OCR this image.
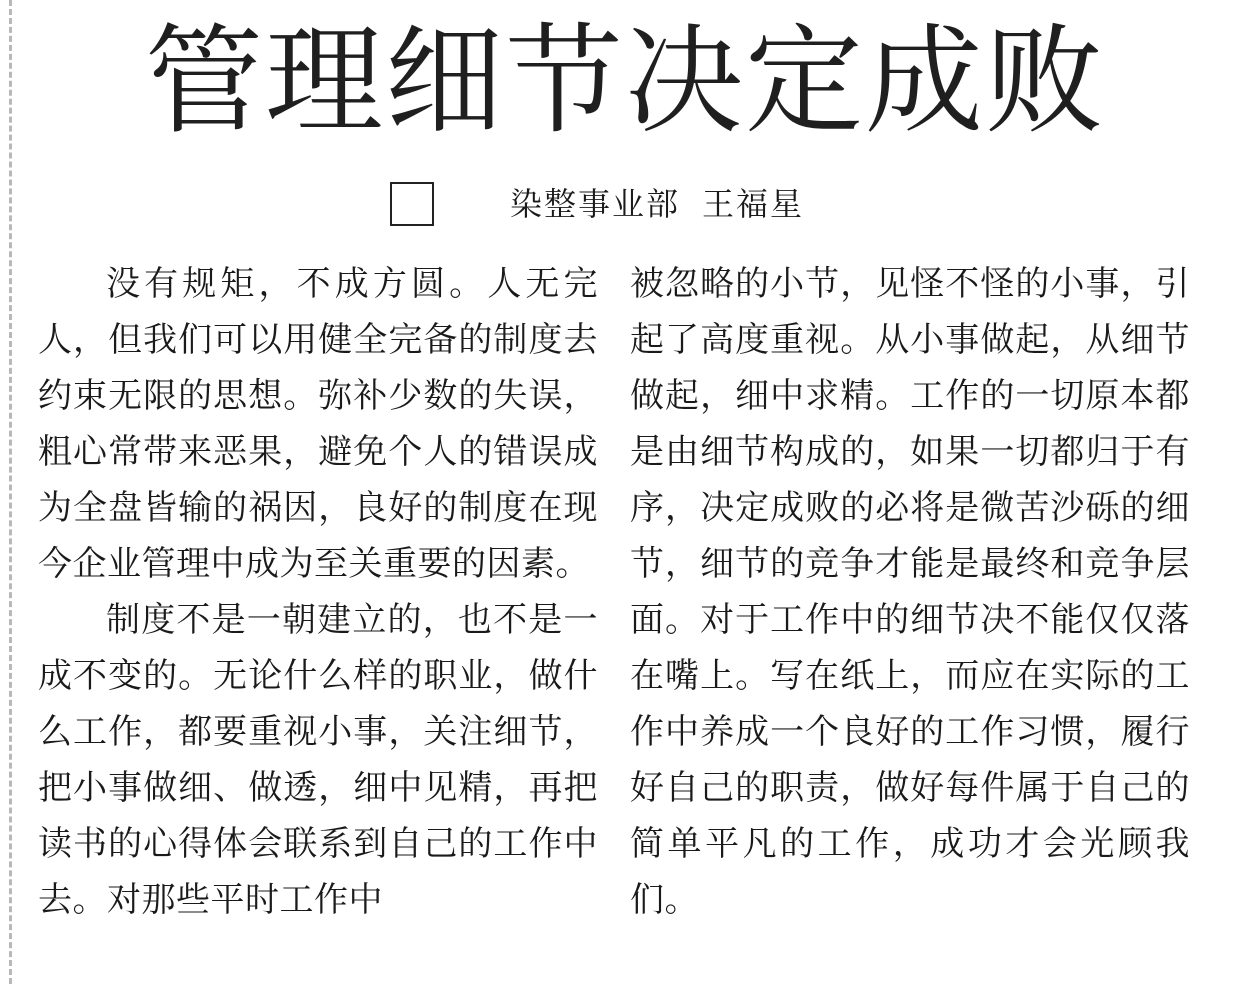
管理细节决定成败
染整事业部 王福星

没有规矩，不成方圆。人无完人，但我们可以用健全完备的制度去约束无限的思想。弥补少数的失误，粗心常带来恶果，避免个人的错误成为全盘皆输的祸因，良好的制度在现今企业管理中成为至关重要的因素。

制度不是一朝建立的，也不是一成不变的。无论什么样的职业，做什么工作，都要重视小事，关注细节，把小事做细、做透，细中见精，再把读书的心得体会联系到自己的工作中去。对那些平时工作中

被忽略的小节，见怪不怪的小事，引起了高度重视。从小事做起，从细节做起，细中求精。工作的一切原本都是由细节构成的，如果一切都归于有序，决定成败的必将是微苦沙砾的细节，细节的竞争才能是最终和竞争层面。对于工作中的细节决不能仅仅落在嘴上。写在纸上，而应在实际的工作中养成一个良好的工作习惯，履行好自己的职责，做好每件属于自己的简单平凡的工作，成功才会光顾我们。
